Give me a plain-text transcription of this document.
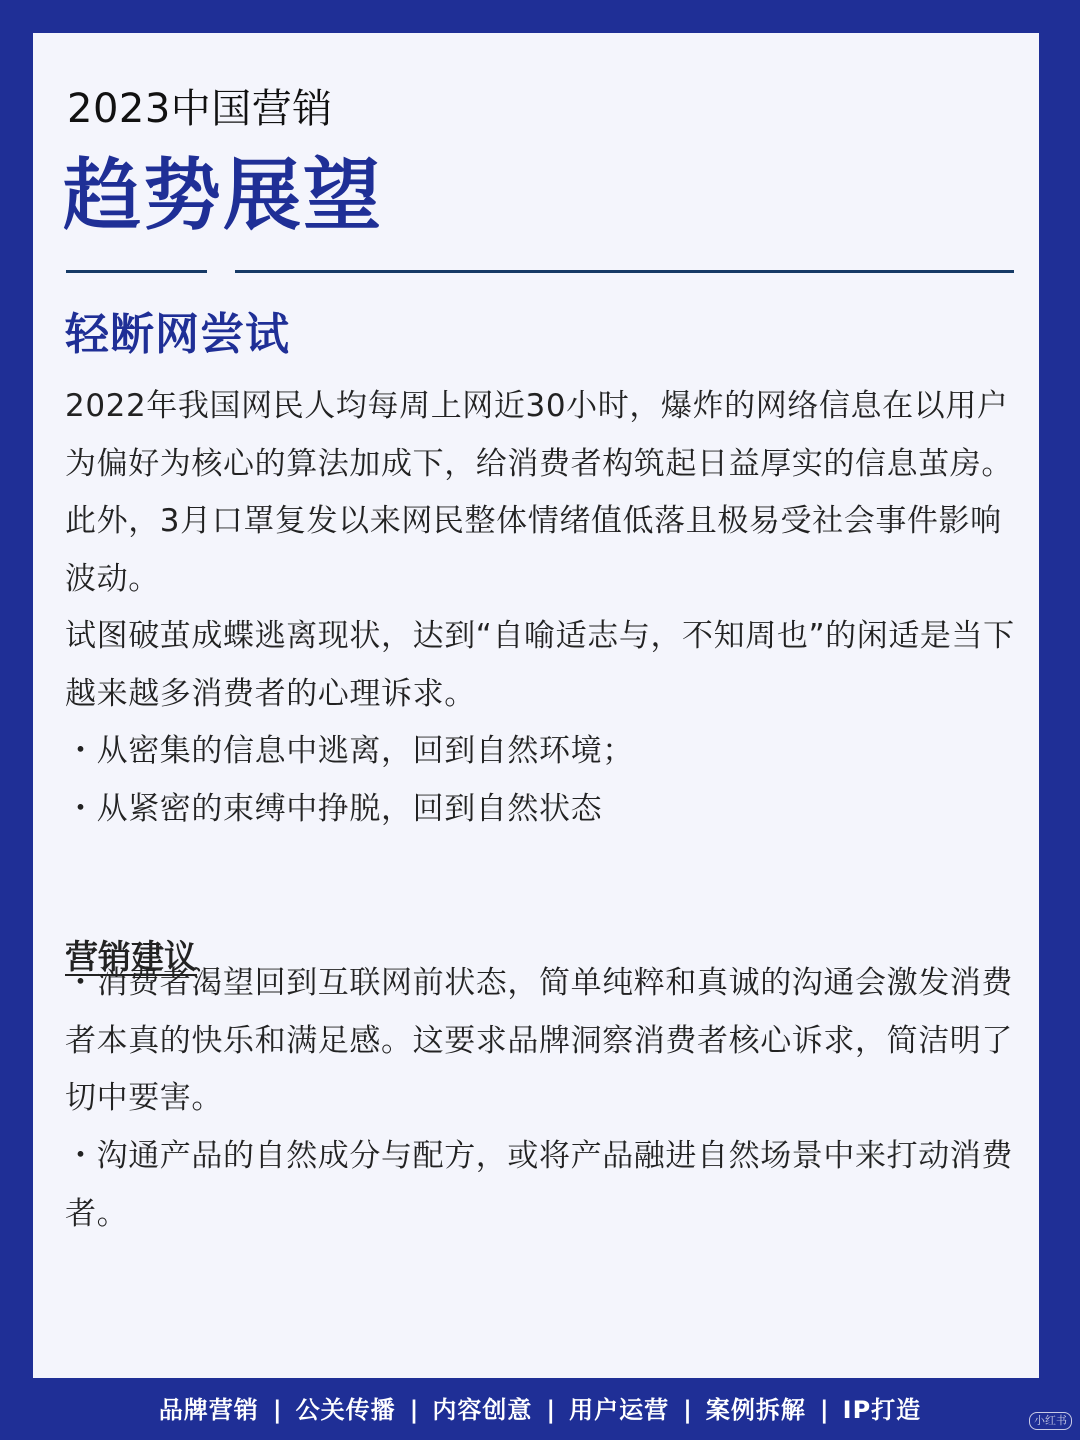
2023中国营销
趋势展望
轻断网尝试

2022年我国网民人均每周上网近30小时，爆炸的网络信息在以用户为偏好为核心的算法加成下，给消费者构筑起日益厚实的信息茧房。此外，3月口罩复发以来网民整体情绪值低落且极易受社会事件影响波动。

试图破茧成蝶逃离现状，达到“自喻适志与，不知周也”的闲适是当下越来越多消费者的心理诉求。

・从密集的信息中逃离，回到自然环境；

・从紧密的束缚中挣脱，回到自然状态

营销建议

・消费者渴望回到互联网前状态，简单纯粹和真诚的沟通会激发消费者本真的快乐和满足感。这要求品牌洞察消费者核心诉求，简洁明了切中要害。

・沟通产品的自然成分与配方，或将产品融进自然场景中来打动消费者。

品牌营销 | 公关传播 | 内容创意 | 用户运营 | 案例拆解 | IP打造	小红书
